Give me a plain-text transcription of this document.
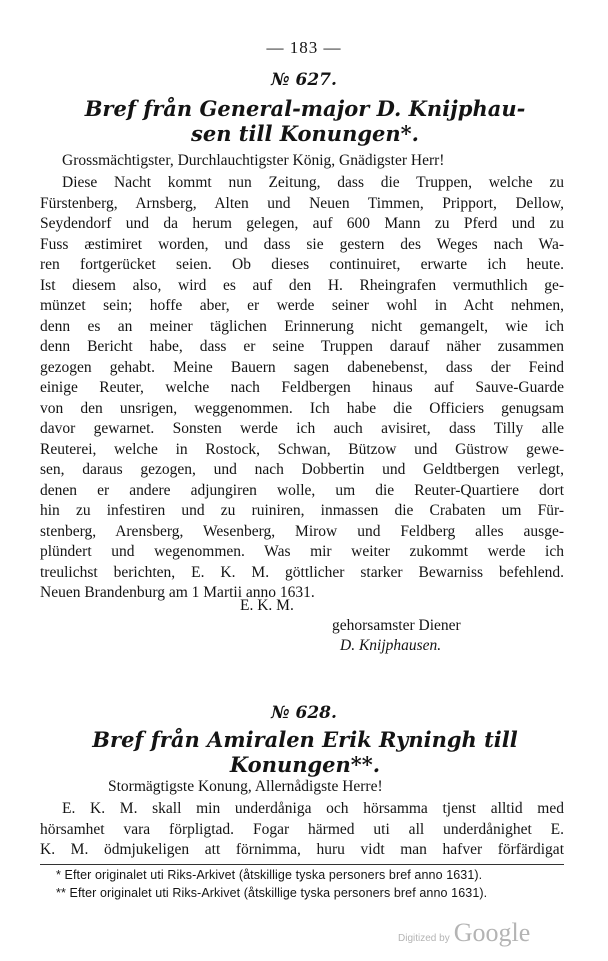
— 183 —
№ 627.
Bref från General-major D. Knijphau-
sen till Konungen*.
Grossmächtigster, Durchlauchtigster König, Gnädigster Herr!
Diese Nacht kommt nun Zeitung, dass die Truppen, welche zu
Fürstenberg, Arnsberg, Alten und Neuen Timmen, Pripport, Dellow,
Seydendorf und da herum gelegen, auf 600 Mann zu Pferd und zu
Fuss æstimiret worden, und dass sie gestern des Weges nach Wa-
ren fortgerücket seien. Ob dieses continuiret, erwarte ich heute.
Ist diesem also, wird es auf den H. Rheingrafen vermuthlich ge-
münzet sein; hoffe aber, er werde seiner wohl in Acht nehmen,
denn es an meiner täglichen Erinnerung nicht gemangelt, wie ich
denn Bericht habe, dass er seine Truppen darauf näher zusammen
gezogen gehabt. Meine Bauern sagen dabenebenst, dass der Feind
einige Reuter, welche nach Feldbergen hinaus auf Sauve-Guarde
von den unsrigen, weggenommen. Ich habe die Officiers genugsam
davor gewarnet. Sonsten werde ich auch avisiret, dass Tilly alle
Reuterei, welche in Rostock, Schwan, Bützow und Güstrow gewe-
sen, daraus gezogen, und nach Dobbertin und Geldtbergen verlegt,
denen er andere adjungiren wolle, um die Reuter-Quartiere dort
hin zu infestiren und zu ruiniren, inmassen die Crabaten um Für-
stenberg, Arensberg, Wesenberg, Mirow und Feldberg alles ausge-
plündert und wegenommen. Was mir weiter zukommt werde ich
treulichst berichten, E. K. M. göttlicher starker Bewarniss befehlend.
Neuen Brandenburg am 1 Martii anno 1631.
E. K. M.
gehorsamster Diener
D. Knijphausen.
№ 628.
Bref från Amiralen Erik Ryningh till
Konungen**.
Stormägtigste Konung, Allernådigste Herre!
E. K. M. skall min underdåniga och hörsamma tjenst alltid med
hörsamhet vara förpligtad. Fogar härmed uti all underdånighet E.
K. M. ödmjukeligen att förnimma, huru vidt man hafver förfärdigat
* Efter originalet uti Riks-Arkivet (åtskillige tyska personers bref anno 1631).
** Efter originalet uti Riks-Arkivet (åtskillige tyska personers bref anno 1631).
Digitized by Google
